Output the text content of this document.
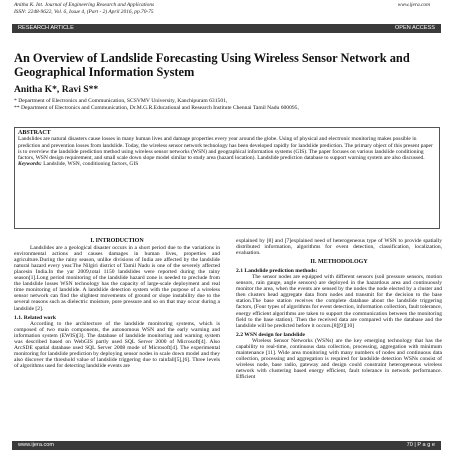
Anitha K. Int. Journal of Engineering Research and Applications
ISSN: 2248-9622, Vol. 6, Issue 4, (Part - 2) April 2016, pp.70-75
www.ijera.com
RESEARCH ARTICLE	OPEN ACCESS
An Overview of Landslide Forecasting Using Wireless Sensor Network and Geographical Information System
Anitha K*, Ravi S**
* Department of Electronics and Communication, SCSVMV University, Kanchipuram 631501,
** Department of Electronics and Communication, Dr.M.G.R.Educational and Research Institute Chennai Tamil Nadu 600095,
ABSTRACT
Landslides are natural disasters cause losses in many human lives and damage properties every year around the globe. Using of physical and electronic monitoring makes possible in prediction and prevention losses from landslide. Today, the wireless sensor network technology has been developed rapidly for landslide prediction. The primary object of this present paper is to overview the landslide prediction method using wireless sensor networks (WSN) and geographical information systems (GIS). The paper focuses on various landslide conditioning factors, WSN design requirement, and small scale down slope model similar to study area (hazard location). Landslide prediction database to support warning system are also discussed.
Keywords: Landslide, WSN, conditioning factors, GIS
I. INTRODUCTION

Landslides are a geological disaster occurs in a short period due to the variations in environmental actions and causes damages in human lives, properties and agriculture.During the rainy season, unlike divisions of India are affected by the landslide natural hazard every year.The Nilgiri district of Tamil Nadu is one of the severely affected placesin India.In the yar 2009,total 1150 landslides were reported during the rainy season[1].Long period monitoring of the landslide hazard zone is needed to preclude from the landslide losses WSN technology has the capacity of large-scale deployment and real time monitoring of landslide. A landslide detection system with the purpose of a wireless sensor network can find the slightest movements of ground or slope instability due to the several reasons such as dielectric moisture, pore pressure and so on that may occur during a landslide [2].

1.1. Related work

According to the architecture of the landslide monitoring systems, which is composed of two main components, the autonomous WSN and the early warning and information system (EWIS)[3]. The database of landslide monitoring and warning system was described based on WebGIS partly used SQL Server 2000 of Microsoft[4]. Also ArcSDE spatial database used SQL Server 2008 mode of Microsoft[4]. The experimental monitoring for landslide prediction by deploying sensor nodes in scale down model and they also discover the threshold value of landslide triggering due to rainfall[5],[6]. Three levels of algorithms used for detecting landslide events are

explained by [8] and [7]explained need of heterogeneous type of WSN to provide spatially distributed information, algorithms for event detection, classification, localization, evaluation.

II. METHODOLOGY
2.1 Landslide prediction methods:

The sensor nodes are equipped with different sensors (soil pressure sensors, motion sensors, rain gauge, angle sensors) are deployed in the hazardous area and continuously monitor the area, when the events are sensed by the nodes the node elected by a cluster and then clusters head aggregate data from nodes and transmit for the decision to the base station.The base station receives the complete database about the landslide triggering factors, (Four types of algorithms for event detection, information collection, fault tolerance, energy efficient algorithms are taken to support the communication between the monitoring field to the base station). Then the received data are compared with the database and the landslide will be predicted before it occurs.[8][9][10]

2.2 WSN design for landslide

Wireless Sensor Networks (WSNs) are the key emerging technology that has the capability to real-time, continuous data collection, processing, aggregation with minimum maintenance [11]. Wide area monitoring with many numbers of nodes and continuous data collection, processing and aggregation is required for landslide detection WSNs consist of wireless node, base radio, gateway and design could constraint heterogeneous wireless network with clustering based energy efficient, fault tolerance in network performance. Efficient

www.ijera.com	70 | P a g e
